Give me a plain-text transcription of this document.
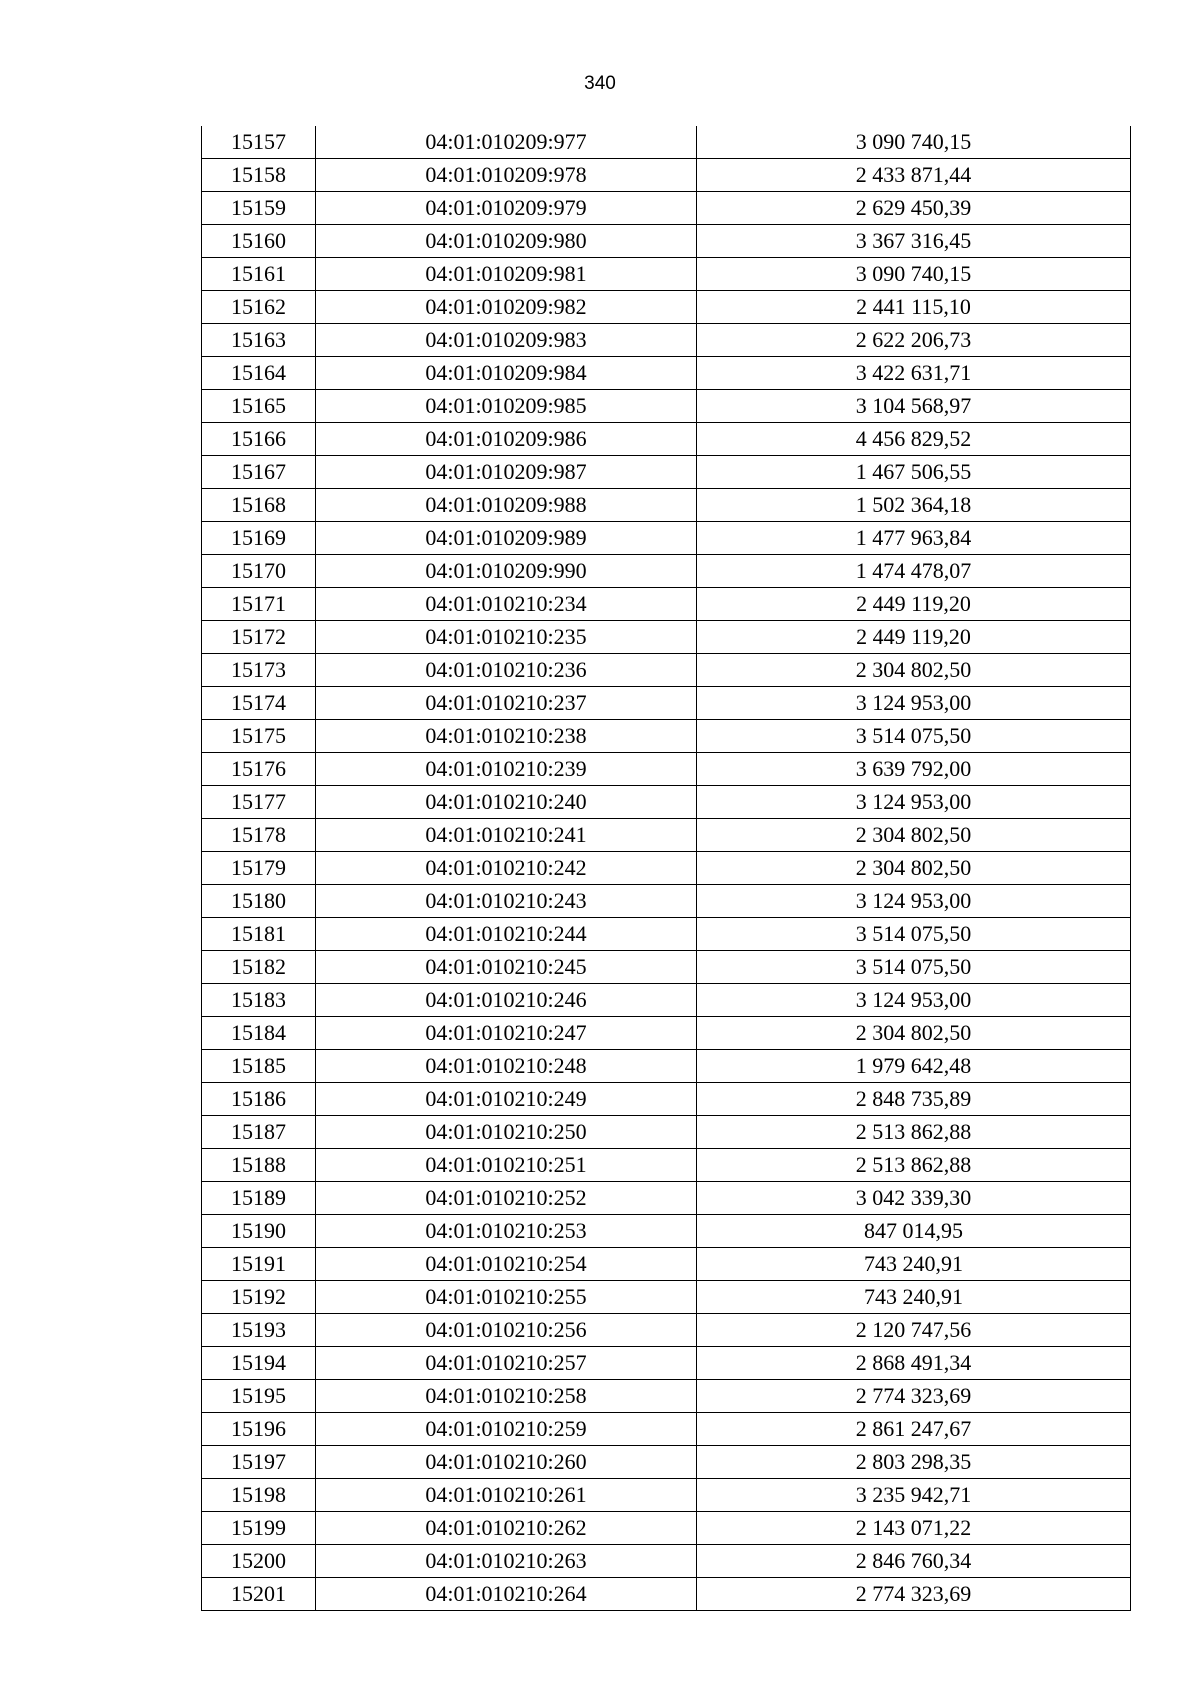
340
15157	04:01:010209:977	3 090 740,15
15158	04:01:010209:978	2 433 871,44
15159	04:01:010209:979	2 629 450,39
15160	04:01:010209:980	3 367 316,45
15161	04:01:010209:981	3 090 740,15
15162	04:01:010209:982	2 441 115,10
15163	04:01:010209:983	2 622 206,73
15164	04:01:010209:984	3 422 631,71
15165	04:01:010209:985	3 104 568,97
15166	04:01:010209:986	4 456 829,52
15167	04:01:010209:987	1 467 506,55
15168	04:01:010209:988	1 502 364,18
15169	04:01:010209:989	1 477 963,84
15170	04:01:010209:990	1 474 478,07
15171	04:01:010210:234	2 449 119,20
15172	04:01:010210:235	2 449 119,20
15173	04:01:010210:236	2 304 802,50
15174	04:01:010210:237	3 124 953,00
15175	04:01:010210:238	3 514 075,50
15176	04:01:010210:239	3 639 792,00
15177	04:01:010210:240	3 124 953,00
15178	04:01:010210:241	2 304 802,50
15179	04:01:010210:242	2 304 802,50
15180	04:01:010210:243	3 124 953,00
15181	04:01:010210:244	3 514 075,50
15182	04:01:010210:245	3 514 075,50
15183	04:01:010210:246	3 124 953,00
15184	04:01:010210:247	2 304 802,50
15185	04:01:010210:248	1 979 642,48
15186	04:01:010210:249	2 848 735,89
15187	04:01:010210:250	2 513 862,88
15188	04:01:010210:251	2 513 862,88
15189	04:01:010210:252	3 042 339,30
15190	04:01:010210:253	847 014,95
15191	04:01:010210:254	743 240,91
15192	04:01:010210:255	743 240,91
15193	04:01:010210:256	2 120 747,56
15194	04:01:010210:257	2 868 491,34
15195	04:01:010210:258	2 774 323,69
15196	04:01:010210:259	2 861 247,67
15197	04:01:010210:260	2 803 298,35
15198	04:01:010210:261	3 235 942,71
15199	04:01:010210:262	2 143 071,22
15200	04:01:010210:263	2 846 760,34
15201	04:01:010210:264	2 774 323,69
